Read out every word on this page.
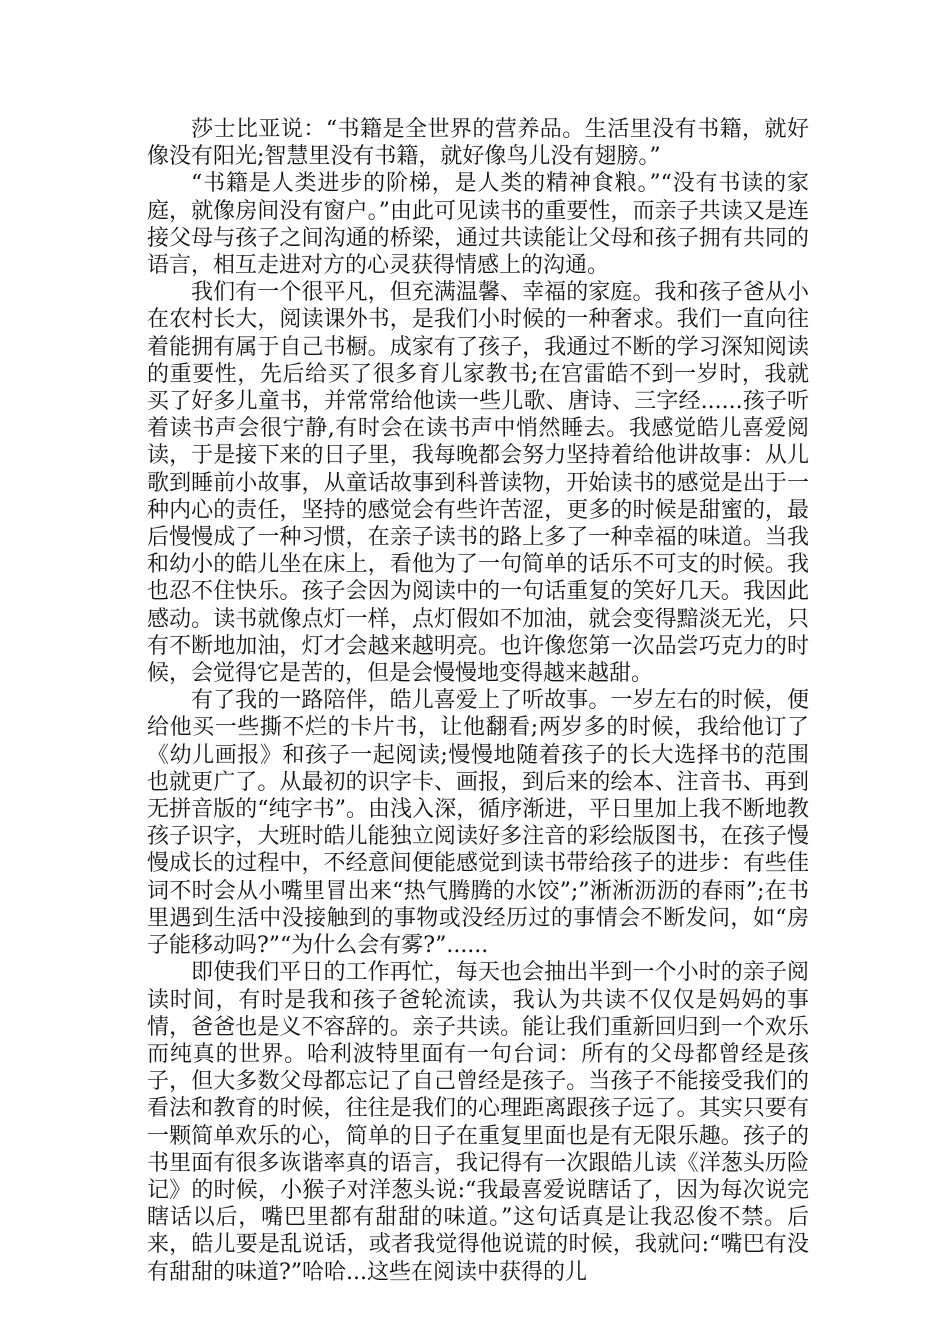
莎士比亚说：“书籍是全世界的营养品。生活里没有书籍，就好像没有阳光;智慧里没有书籍，就好像鸟儿没有翅膀。”

“书籍是人类进步的阶梯，是人类的精神食粮。”“没有书读的家庭，就像房间没有窗户。”由此可见读书的重要性，而亲子共读又是连接父母与孩子之间沟通的桥梁，通过共读能让父母和孩子拥有共同的语言，相互走进对方的心灵获得情感上的沟通。

我们有一个很平凡，但充满温馨、幸福的家庭。我和孩子爸从小在农村长大，阅读课外书，是我们小时候的一种奢求。我们一直向往着能拥有属于自己书橱。成家有了孩子，我通过不断的学习深知阅读的重要性，先后给买了很多育儿家教书;在宫雷皓不到一岁时，我就买了好多儿童书，并常常给他读一些儿歌、唐诗、三字经......孩子听着读书声会很宁静,有时会在读书声中悄然睡去。我感觉皓儿喜爱阅读，于是接下来的日子里，我每晚都会努力坚持着给他讲故事：从儿歌到睡前小故事，从童话故事到科普读物，开始读书的感觉是出于一种内心的责任，坚持的感觉会有些许苦涩，更多的时候是甜蜜的，最后慢慢成了一种习惯，在亲子读书的路上多了一种幸福的味道。当我和幼小的皓儿坐在床上，看他为了一句简单的话乐不可支的时候。我也忍不住快乐。孩子会因为阅读中的一句话重复的笑好几天。我因此感动。读书就像点灯一样，点灯假如不加油，就会变得黯淡无光，只有不断地加油，灯才会越来越明亮。也许像您第一次品尝巧克力的时候，会觉得它是苦的，但是会慢慢地变得越来越甜。

有了我的一路陪伴，皓儿喜爱上了听故事。一岁左右的时候，便给他买一些撕不烂的卡片书，让他翻看;两岁多的时候，我给他订了《幼儿画报》和孩子一起阅读;慢慢地随着孩子的长大选择书的范围也就更广了。从最初的识字卡、画报，到后来的绘本、注音书、再到无拼音版的“纯字书”。由浅入深，循序渐进，平日里加上我不断地教孩子识字，大班时皓儿能独立阅读好多注音的彩绘版图书，在孩子慢慢成长的过程中，不经意间便能感觉到读书带给孩子的进步：有些佳词不时会从小嘴里冒出来“热气腾腾的水饺”;”淅淅沥沥的春雨”;在书里遇到生活中没接触到的事物或没经历过的事情会不断发问，如“房子能移动吗?”“为什么会有雾?”......

即使我们平日的工作再忙，每天也会抽出半到一个小时的亲子阅读时间，有时是我和孩子爸轮流读，我认为共读不仅仅是妈妈的事情，爸爸也是义不容辞的。亲子共读。能让我们重新回归到一个欢乐而纯真的世界。哈利波特里面有一句台词：所有的父母都曾经是孩子，但大多数父母都忘记了自己曾经是孩子。当孩子不能接受我们的看法和教育的时候，往往是我们的心理距离跟孩子远了。其实只要有一颗简单欢乐的心，简单的日子在重复里面也是有无限乐趣。孩子的书里面有很多诙谐率真的语言，我记得有一次跟皓儿读《洋葱头历险记》的时候，小猴子对洋葱头说:“我最喜爱说瞎话了，因为每次说完瞎话以后，嘴巴里都有甜甜的味道。”这句话真是让我忍俊不禁。后来，皓儿要是乱说话，或者我觉得他说谎的时候，我就问:“嘴巴有没有甜甜的味道?”哈哈...这些在阅读中获得的儿
